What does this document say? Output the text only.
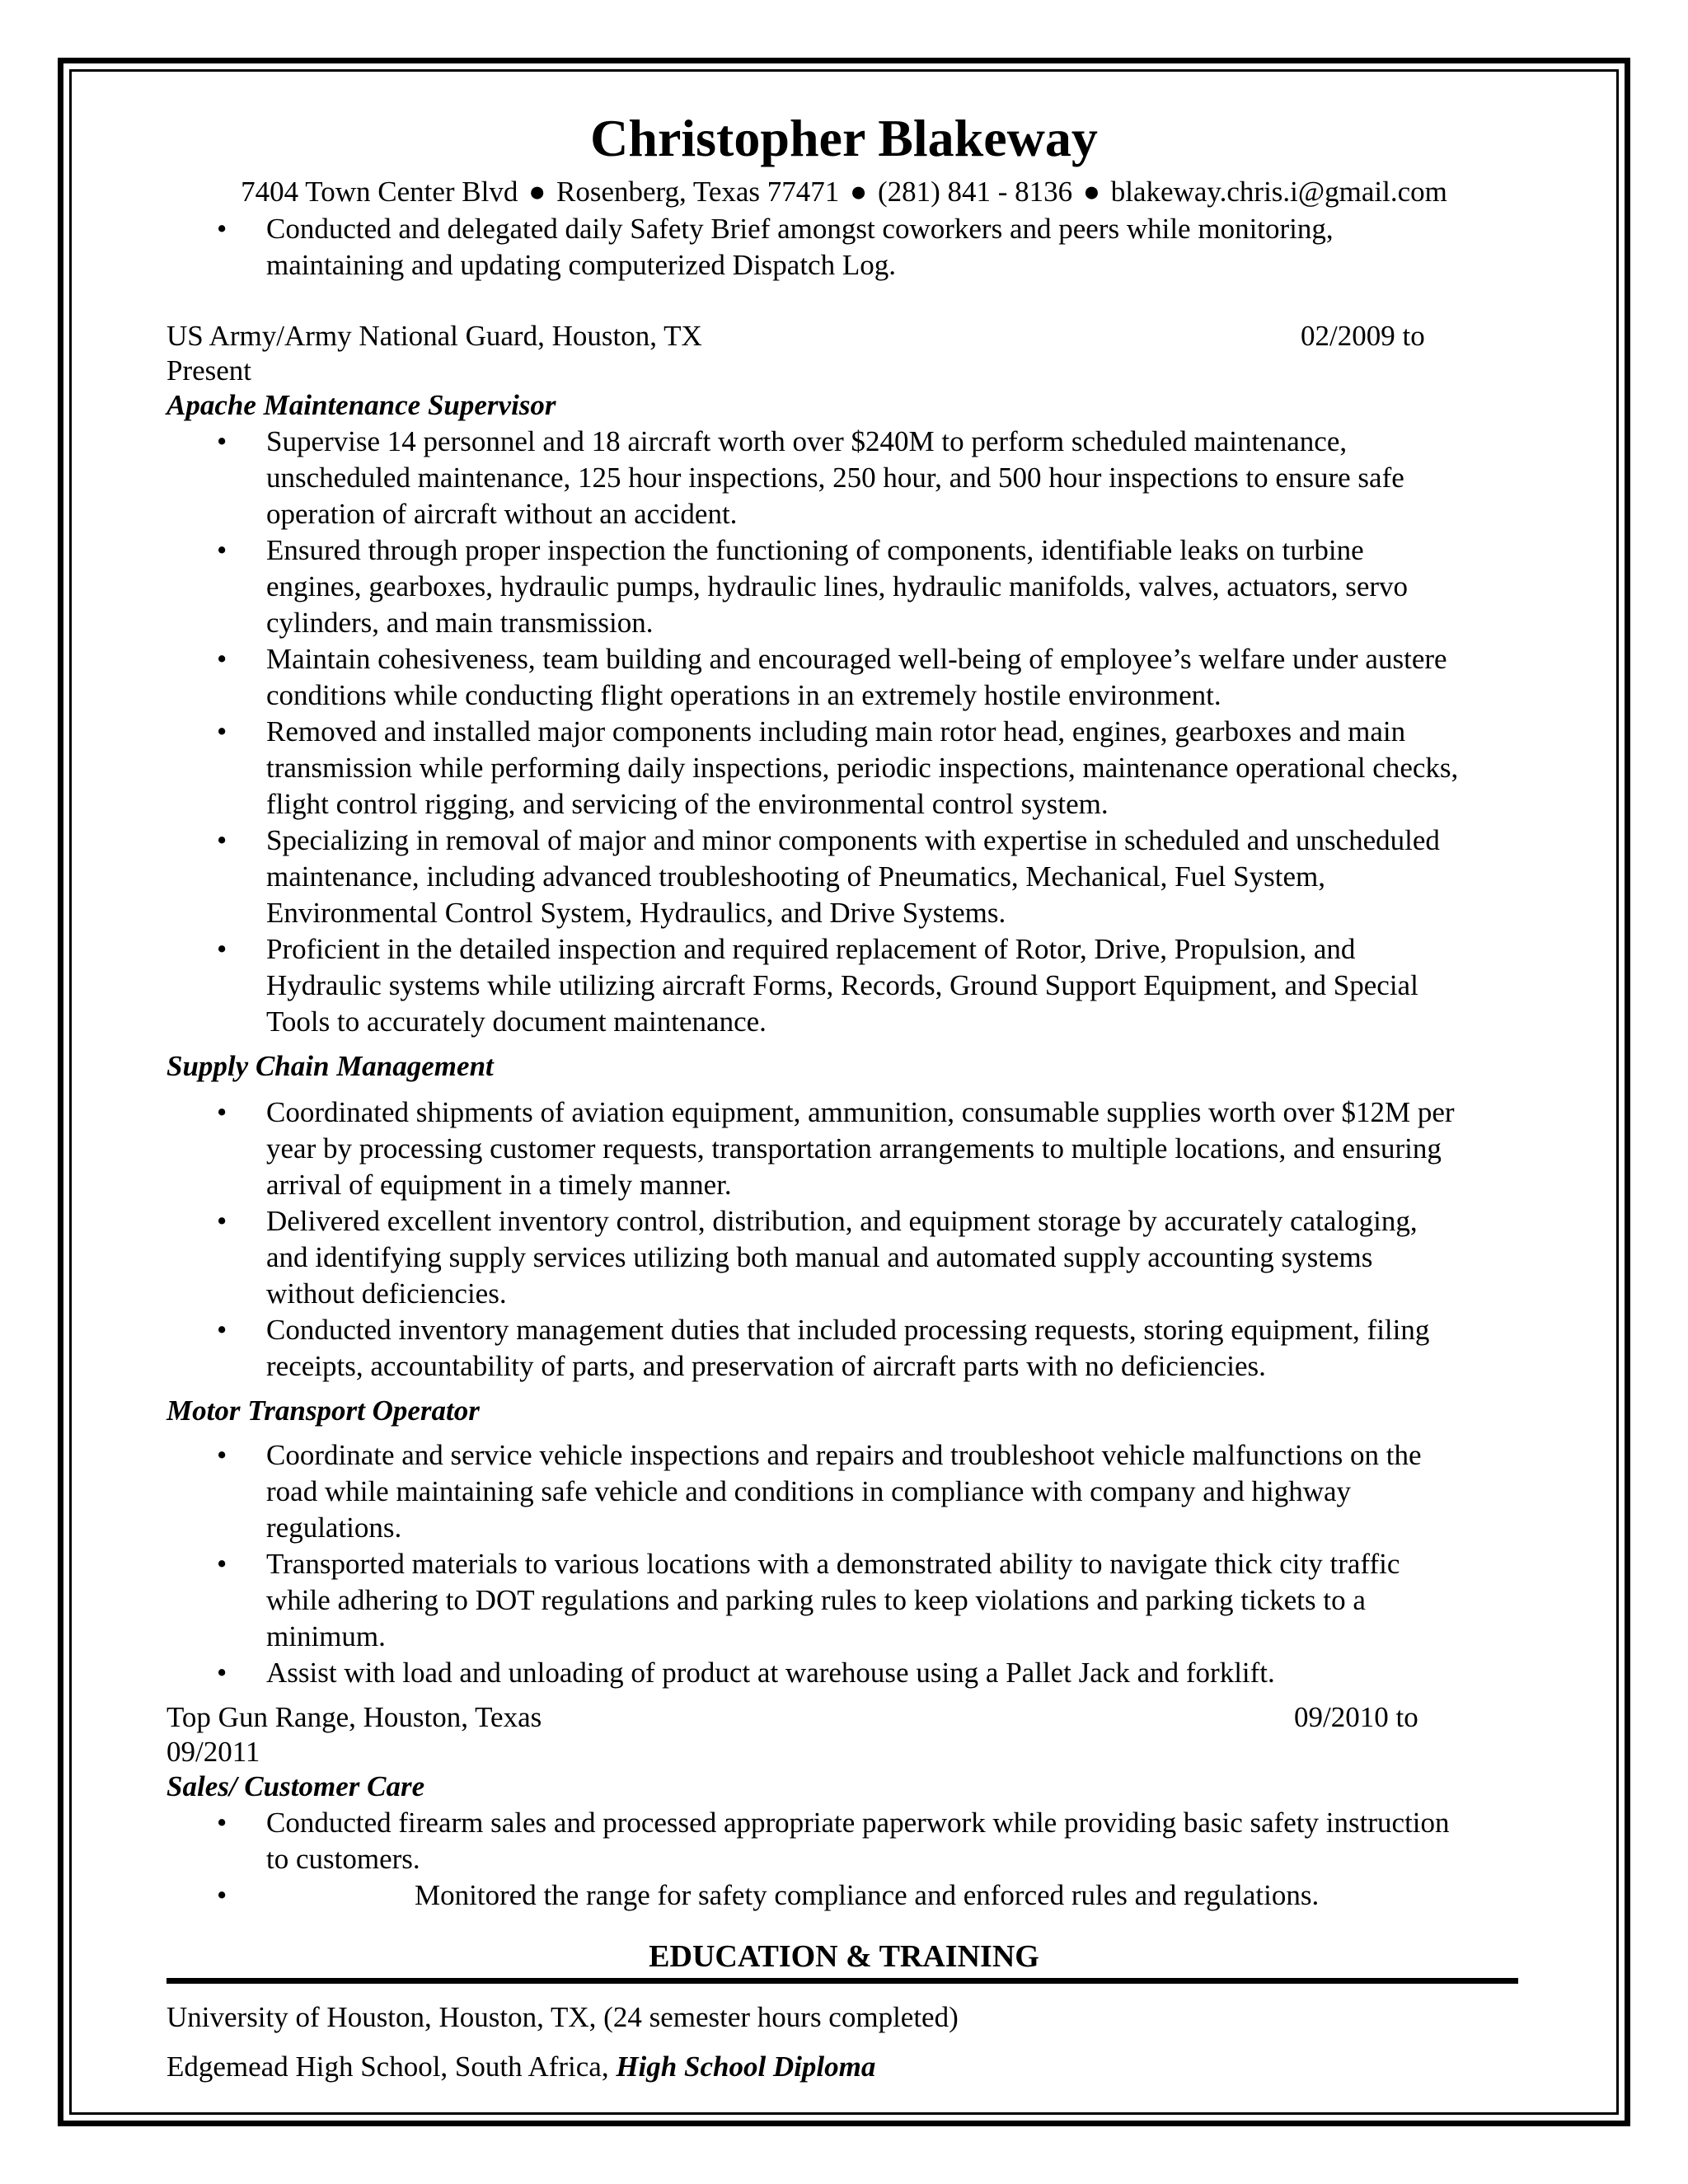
Christopher Blakeway
7404 Town Center Blvd ● Rosenberg, Texas 77471 ● (281) 841 - 8136 ● blakeway.chris.i@gmail.com
• Conducted and delegated daily Safety Brief amongst coworkers and peers while monitoring,
maintaining and updating computerized Dispatch Log.
US Army/Army National Guard, Houston, TX	02/2009 to
Present
Apache Maintenance Supervisor
• Supervise 14 personnel and 18 aircraft worth over $240M to perform scheduled maintenance,
unscheduled maintenance, 125 hour inspections, 250 hour, and 500 hour inspections to ensure safe
operation of aircraft without an accident.
• Ensured through proper inspection the functioning of components, identifiable leaks on turbine
engines, gearboxes, hydraulic pumps, hydraulic lines, hydraulic manifolds, valves, actuators, servo
cylinders, and main transmission.
• Maintain cohesiveness, team building and encouraged well-being of employee’s welfare under austere
conditions while conducting flight operations in an extremely hostile environment.
• Removed and installed major components including main rotor head, engines, gearboxes and main
transmission while performing daily inspections, periodic inspections, maintenance operational checks,
flight control rigging, and servicing of the environmental control system.
• Specializing in removal of major and minor components with expertise in scheduled and unscheduled
maintenance, including advanced troubleshooting of Pneumatics, Mechanical, Fuel System,
Environmental Control System, Hydraulics, and Drive Systems.
• Proficient in the detailed inspection and required replacement of Rotor, Drive, Propulsion, and
Hydraulic systems while utilizing aircraft Forms, Records, Ground Support Equipment, and Special
Tools to accurately document maintenance.
Supply Chain Management
• Coordinated shipments of aviation equipment, ammunition, consumable supplies worth over $12M per
year by processing customer requests, transportation arrangements to multiple locations, and ensuring
arrival of equipment in a timely manner.
• Delivered excellent inventory control, distribution, and equipment storage by accurately cataloging,
and identifying supply services utilizing both manual and automated supply accounting systems
without deficiencies.
• Conducted inventory management duties that included processing requests, storing equipment, filing
receipts, accountability of parts, and preservation of aircraft parts with no deficiencies.
Motor Transport Operator
• Coordinate and service vehicle inspections and repairs and troubleshoot vehicle malfunctions on the
road while maintaining safe vehicle and conditions in compliance with company and highway
regulations.
• Transported materials to various locations with a demonstrated ability to navigate thick city traffic
while adhering to DOT regulations and parking rules to keep violations and parking tickets to a
minimum.
• Assist with load and unloading of product at warehouse using a Pallet Jack and forklift.
Top Gun Range, Houston, Texas	09/2010 to
09/2011
Sales/ Customer Care
• Conducted firearm sales and processed appropriate paperwork while providing basic safety instruction
to customers.
•	Monitored the range for safety compliance and enforced rules and regulations.
EDUCATION & TRAINING
University of Houston, Houston, TX, (24 semester hours completed)
Edgemead High School, South Africa, High School Diploma
